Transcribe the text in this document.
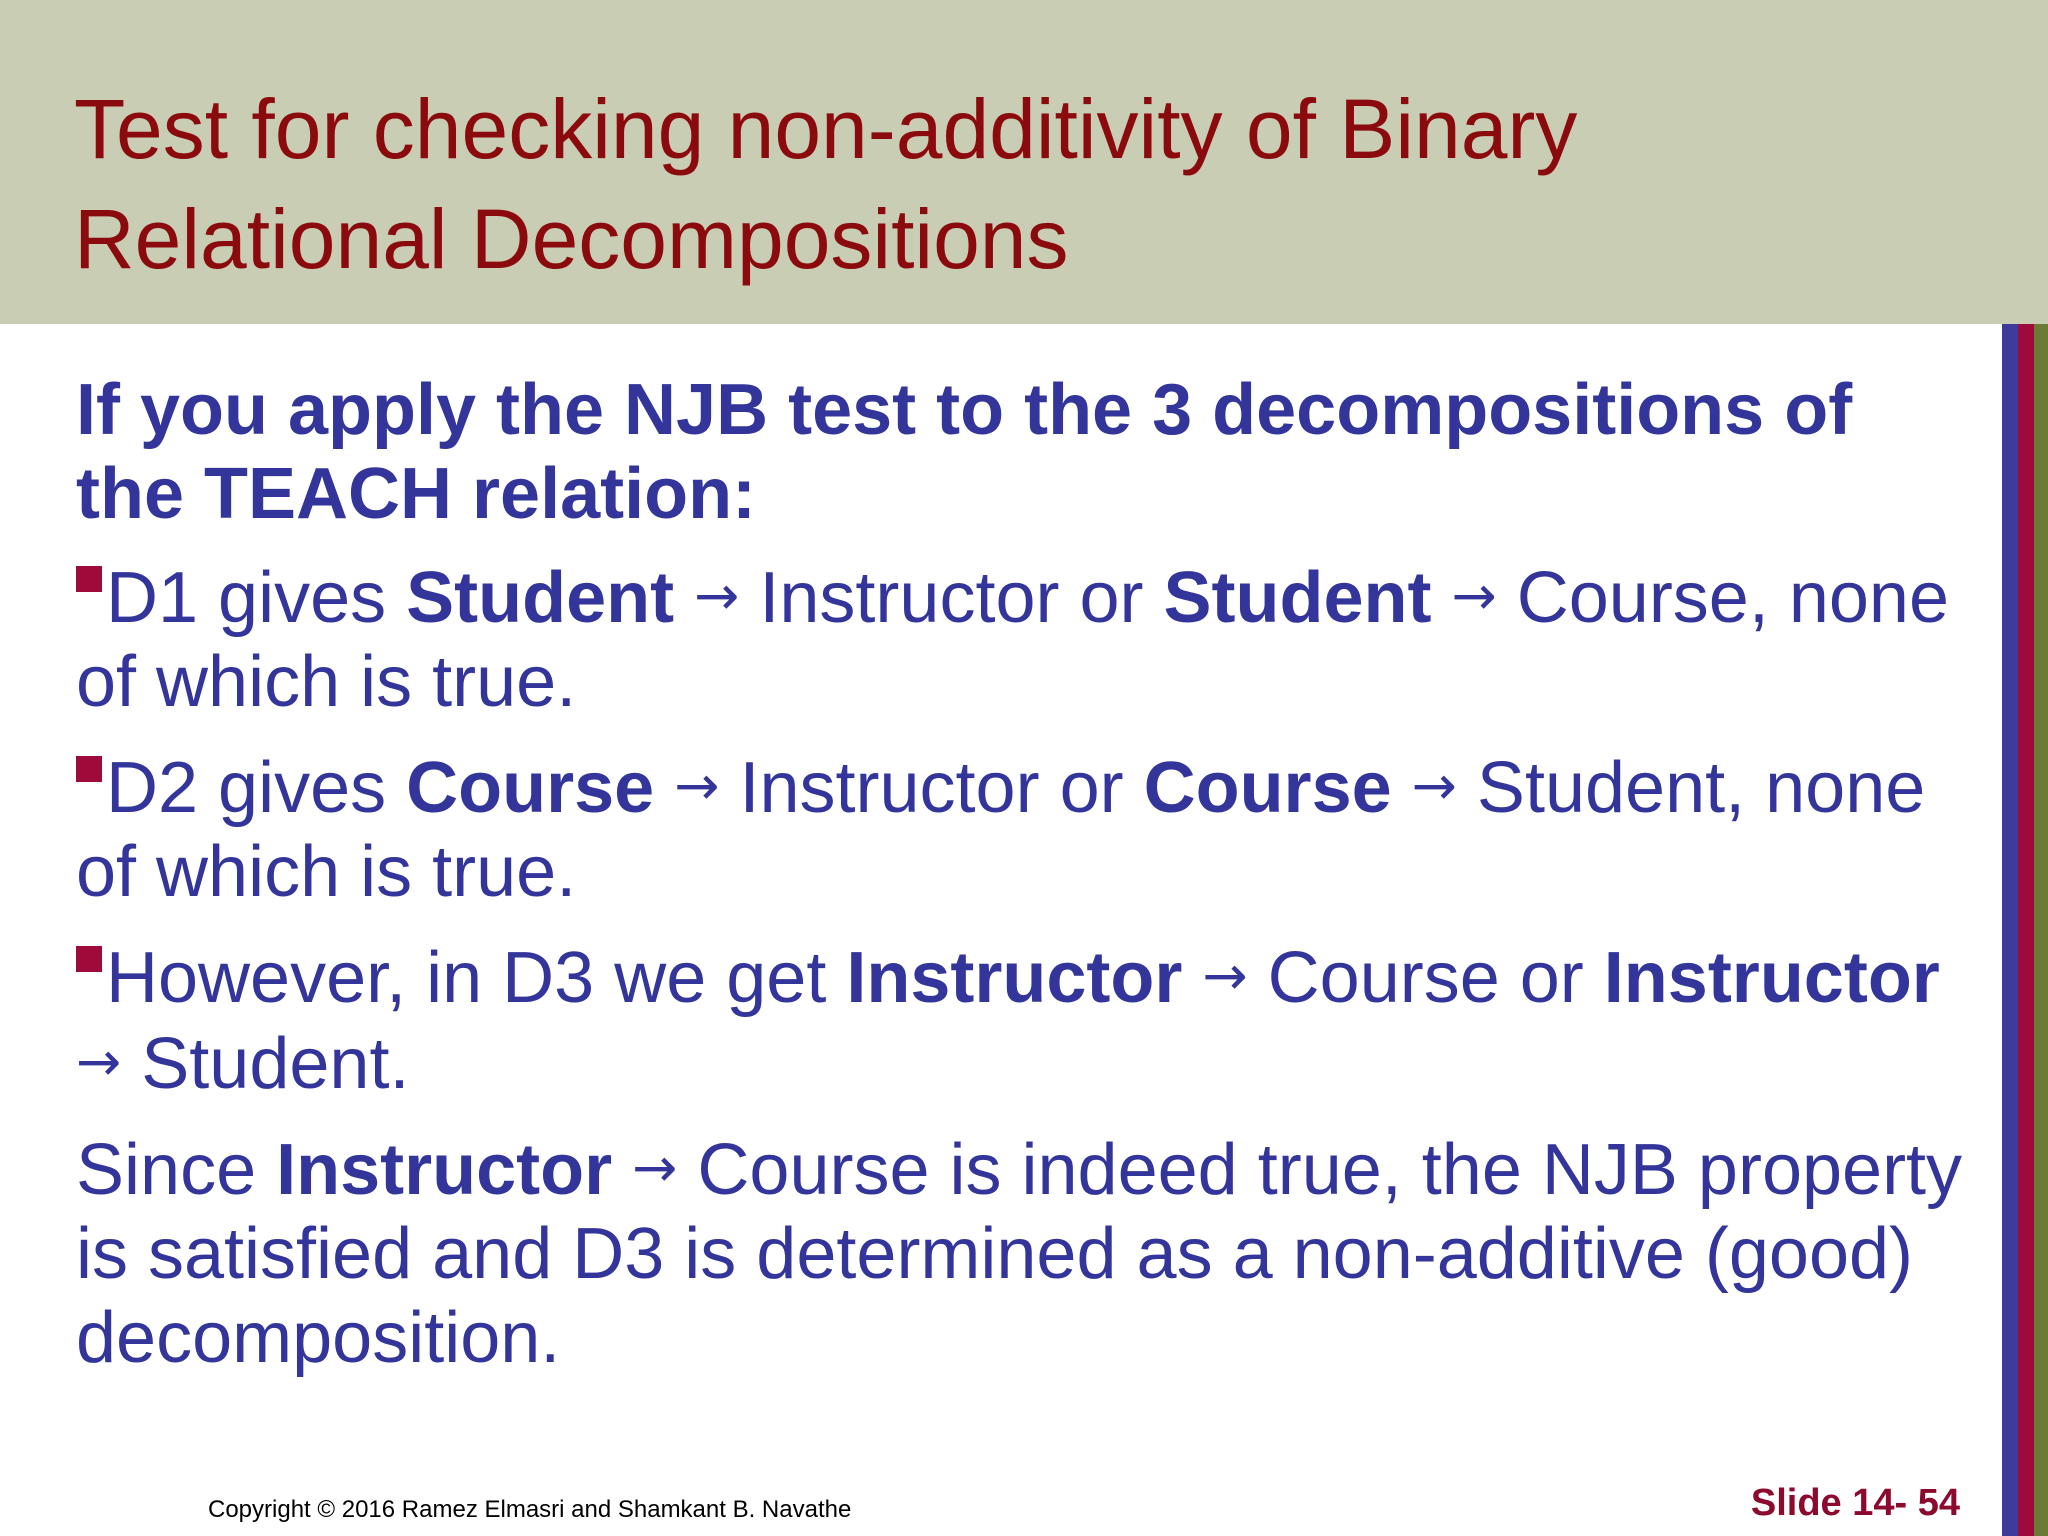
Test for checking non-additivity of Binary Relational Decompositions

If you apply the NJB test to the 3 decompositions of the TEACH relation:

D1 gives Student → Instructor or Student → Course, none of which is true.

D2 gives Course → Instructor or Course → Student, none of which is true.

However, in D3 we get Instructor → Course or Instructor → Student.

Since Instructor → Course is indeed true, the NJB property is satisfied and D3 is determined as a non-additive (good) decomposition.

Copyright © 2016 Ramez Elmasri and Shamkant B. Navathe	Slide 14- 54
